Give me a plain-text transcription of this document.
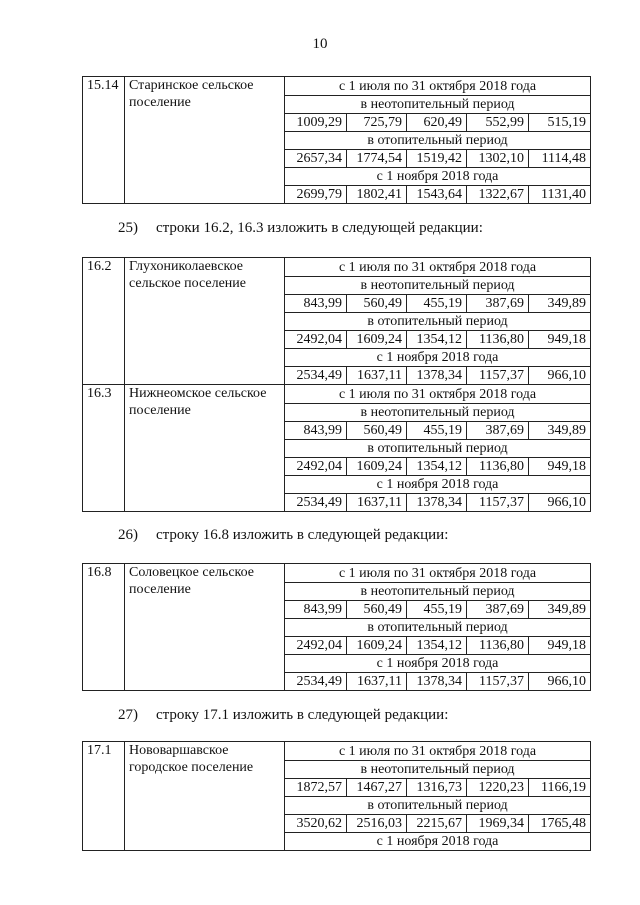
10
15.14	Старинское сельское поселение	с 1 июля по 31 октября 2018 года				
		в неотопительный период				
		1009,29	725,79	620,49	552,99	515,19
		в отопительный период				
		2657,34	1774,54	1519,42	1302,10	1114,48
		с 1 ноября 2018 года				
		2699,79	1802,41	1543,64	1322,67	1131,40
25) строки 16.2, 16.3 изложить в следующей редакции:
16.2	Глухониколаевское сельское поселение	с 1 июля по 31 октября 2018 года				
		в неотопительный период				
		843,99	560,49	455,19	387,69	349,89
		в отопительный период				
		2492,04	1609,24	1354,12	1136,80	949,18
		с 1 ноября 2018 года				
		2534,49	1637,11	1378,34	1157,37	966,10
16.3	Нижнеомское сельское поселение	с 1 июля по 31 октября 2018 года				
		в неотопительный период				
		843,99	560,49	455,19	387,69	349,89
		в отопительный период				
		2492,04	1609,24	1354,12	1136,80	949,18
		с 1 ноября 2018 года				
		2534,49	1637,11	1378,34	1157,37	966,10
26) строку 16.8 изложить в следующей редакции:
16.8	Соловецкое сельское поселение	с 1 июля по 31 октября 2018 года				
		в неотопительный период				
		843,99	560,49	455,19	387,69	349,89
		в отопительный период				
		2492,04	1609,24	1354,12	1136,80	949,18
		с 1 ноября 2018 года				
		2534,49	1637,11	1378,34	1157,37	966,10
27) строку 17.1 изложить в следующей редакции:
17.1	Нововаршавское городское поселение	с 1 июля по 31 октября 2018 года				
		в неотопительный период				
		1872,57	1467,27	1316,73	1220,23	1166,19
		в отопительный период				
		3520,62	2516,03	2215,67	1969,34	1765,48
		с 1 ноября 2018 года				
